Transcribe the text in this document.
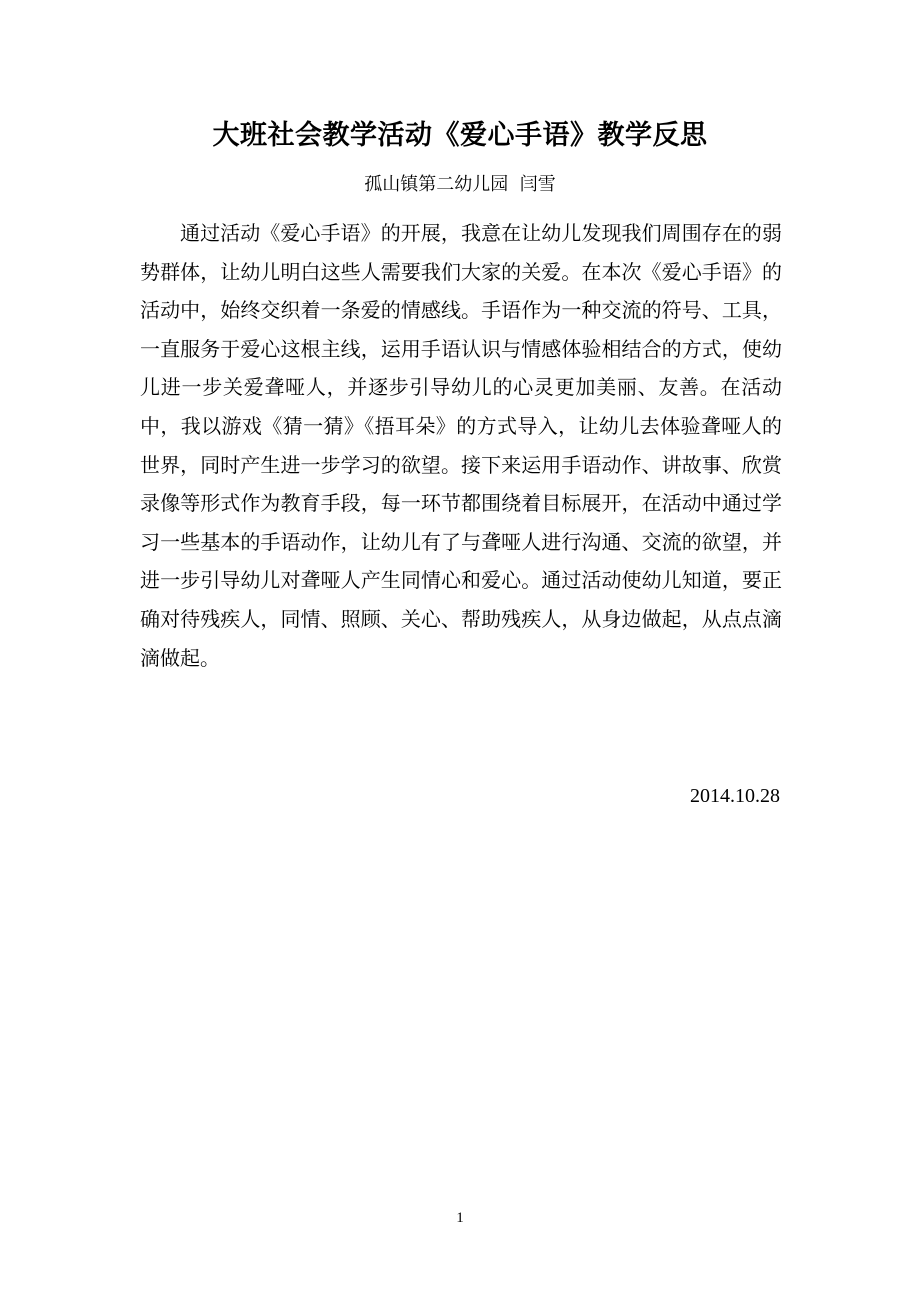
大班社会教学活动《爱心手语》教学反思
孤山镇第二幼儿园  闫雪

通过活动《爱心手语》的开展，我意在让幼儿发现我们周围存在的弱势群体，让幼儿明白这些人需要我们大家的关爱。在本次《爱心手语》的活动中，始终交织着一条爱的情感线。手语作为一种交流的符号、工具，一直服务于爱心这根主线，运用手语认识与情感体验相结合的方式，使幼儿进一步关爱聋哑人，并逐步引导幼儿的心灵更加美丽、友善。在活动中，我以游戏《猜一猜》《捂耳朵》的方式导入，让幼儿去体验聋哑人的世界，同时产生进一步学习的欲望。接下来运用手语动作、讲故事、欣赏录像等形式作为教育手段，每一环节都围绕着目标展开，在活动中通过学习一些基本的手语动作，让幼儿有了与聋哑人进行沟通、交流的欲望，并进一步引导幼儿对聋哑人产生同情心和爱心。通过活动使幼儿知道，要正确对待残疾人，同情、照顾、关心、帮助残疾人，从身边做起，从点点滴滴做起。

2014.10.28
1
